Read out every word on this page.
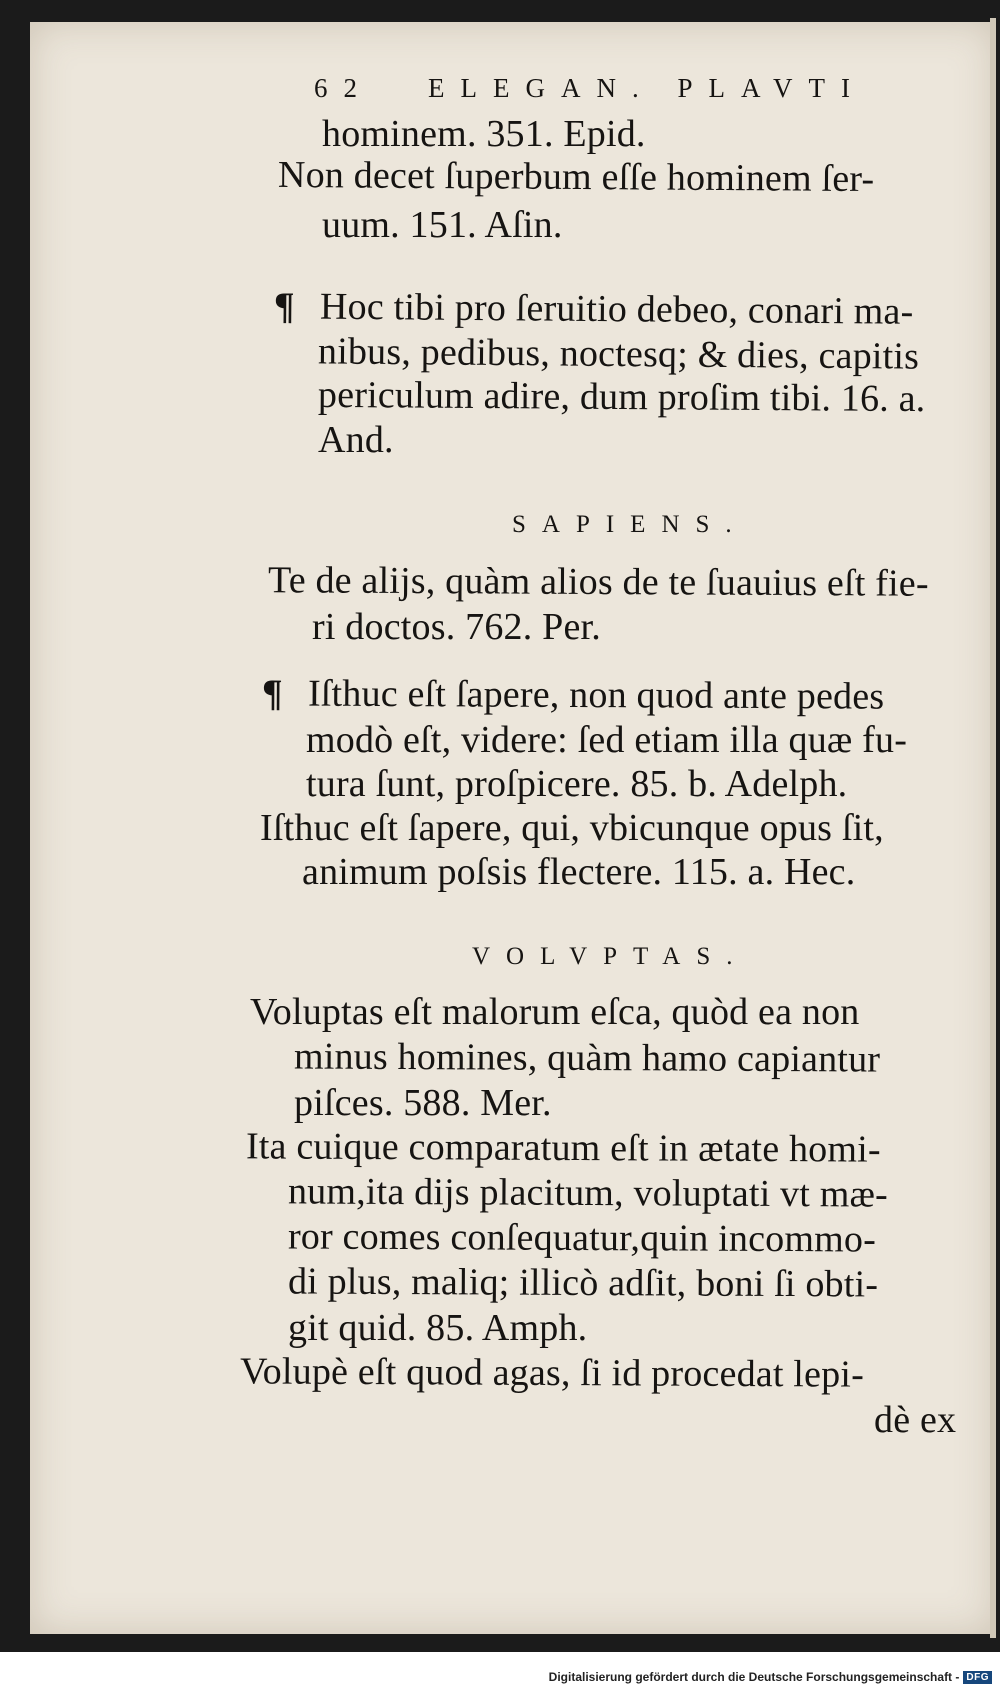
62 ELEGAN. PLAVTI
hominem. 351. Epid.
Non decet ſuperbum eſſe hominem ſer-
uum. 151. Aſin.
¶ Hoc tibi pro ſeruitio debeo, conari ma-
nibus, pedibus, noctesq; & dies, capitis
periculum adire, dum proſim tibi. 16. a.
And.
SAPIENS.
Te de alijs, quàm alios de te ſuauius eſt fie-
ri doctos. 762. Per.
¶ Iſthuc eſt ſapere, non quod ante pedes
modò eſt, videre: ſed etiam illa quæ fu-
tura ſunt, proſpicere. 85. b. Adelph.
Iſthuc eſt ſapere, qui, vbicunque opus ſit,
animum poſsis flectere. 115. a. Hec.
VOLVPTAS.
Voluptas eſt malorum eſca, quòd ea non
minus homines, quàm hamo capiantur
piſces. 588. Mer.
Ita cuique comparatum eſt in ætate homi-
num,ita dijs placitum, voluptati vt mæ-
ror comes conſequatur,quin incommo-
di plus, maliq; illicò adſit, boni ſi obti-
git quid. 85. Amph.
Volupè eſt quod agas, ſi id procedat lepi-
dè ex
Digitalisierung gefördert durch die Deutsche Forschungsgemeinschaft - DFG
